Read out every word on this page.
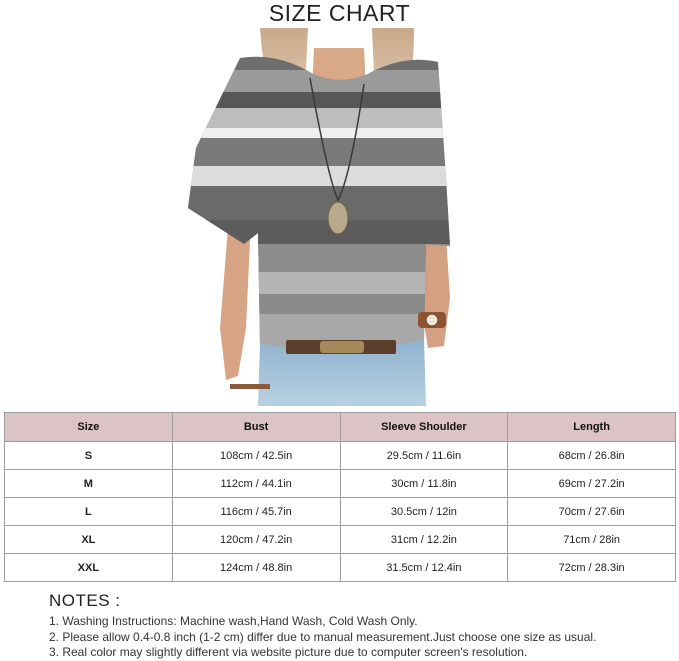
SIZE CHART
Size	Bust	Sleeve Shoulder	Length
S	108cm / 42.5in	29.5cm / 11.6in	68cm / 26.8in
M	112cm / 44.1in	30cm / 11.8in	69cm / 27.2in
L	116cm / 45.7in	30.5cm / 12in	70cm / 27.6in
XL	120cm / 47.2in	31cm / 12.2in	71cm / 28in
XXL	124cm / 48.8in	31.5cm / 12.4in	72cm / 28.3in
NOTES :
1. Washing Instructions: Machine wash,Hand Wash, Cold Wash Only.
2. Please allow 0.4-0.8 inch (1-2 cm) differ due to manual measurement.Just choose one size as usual.
3. Real color may slightly different via website picture due to computer screen's resolution.
